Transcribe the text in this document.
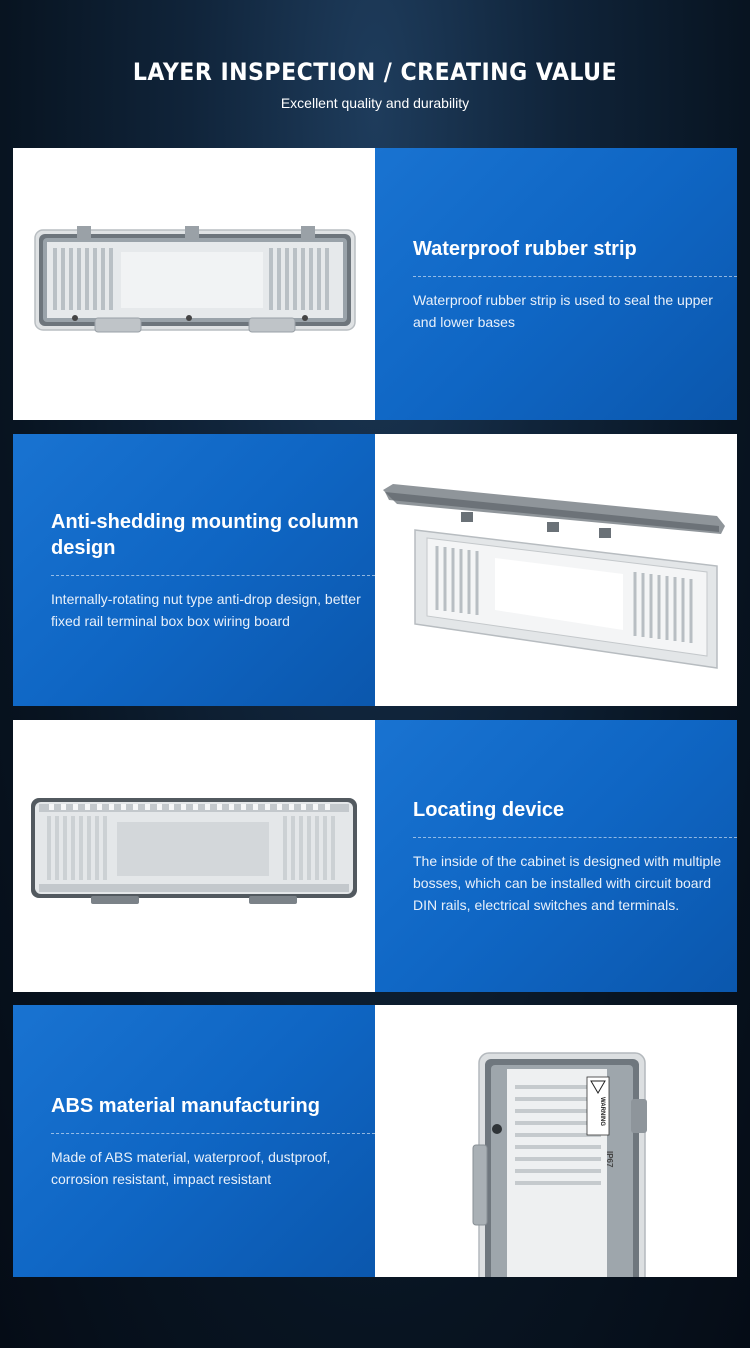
LAYER INSPECTION / CREATING VALUE

Excellent quality and durability

Waterproof rubber strip

Waterproof rubber strip is used to seal the upper and lower bases

Anti-shedding mounting column design

Internally-rotating nut type anti-drop design, better fixed rail terminal box box wiring board

Locating device

The inside of the cabinet is designed with multiple bosses, which can be installed with circuit board DIN rails, electrical switches and terminals.

ABS material manufacturing

Made of ABS material, waterproof, dustproof, corrosion resistant, impact resistant

WARNING
IP67
